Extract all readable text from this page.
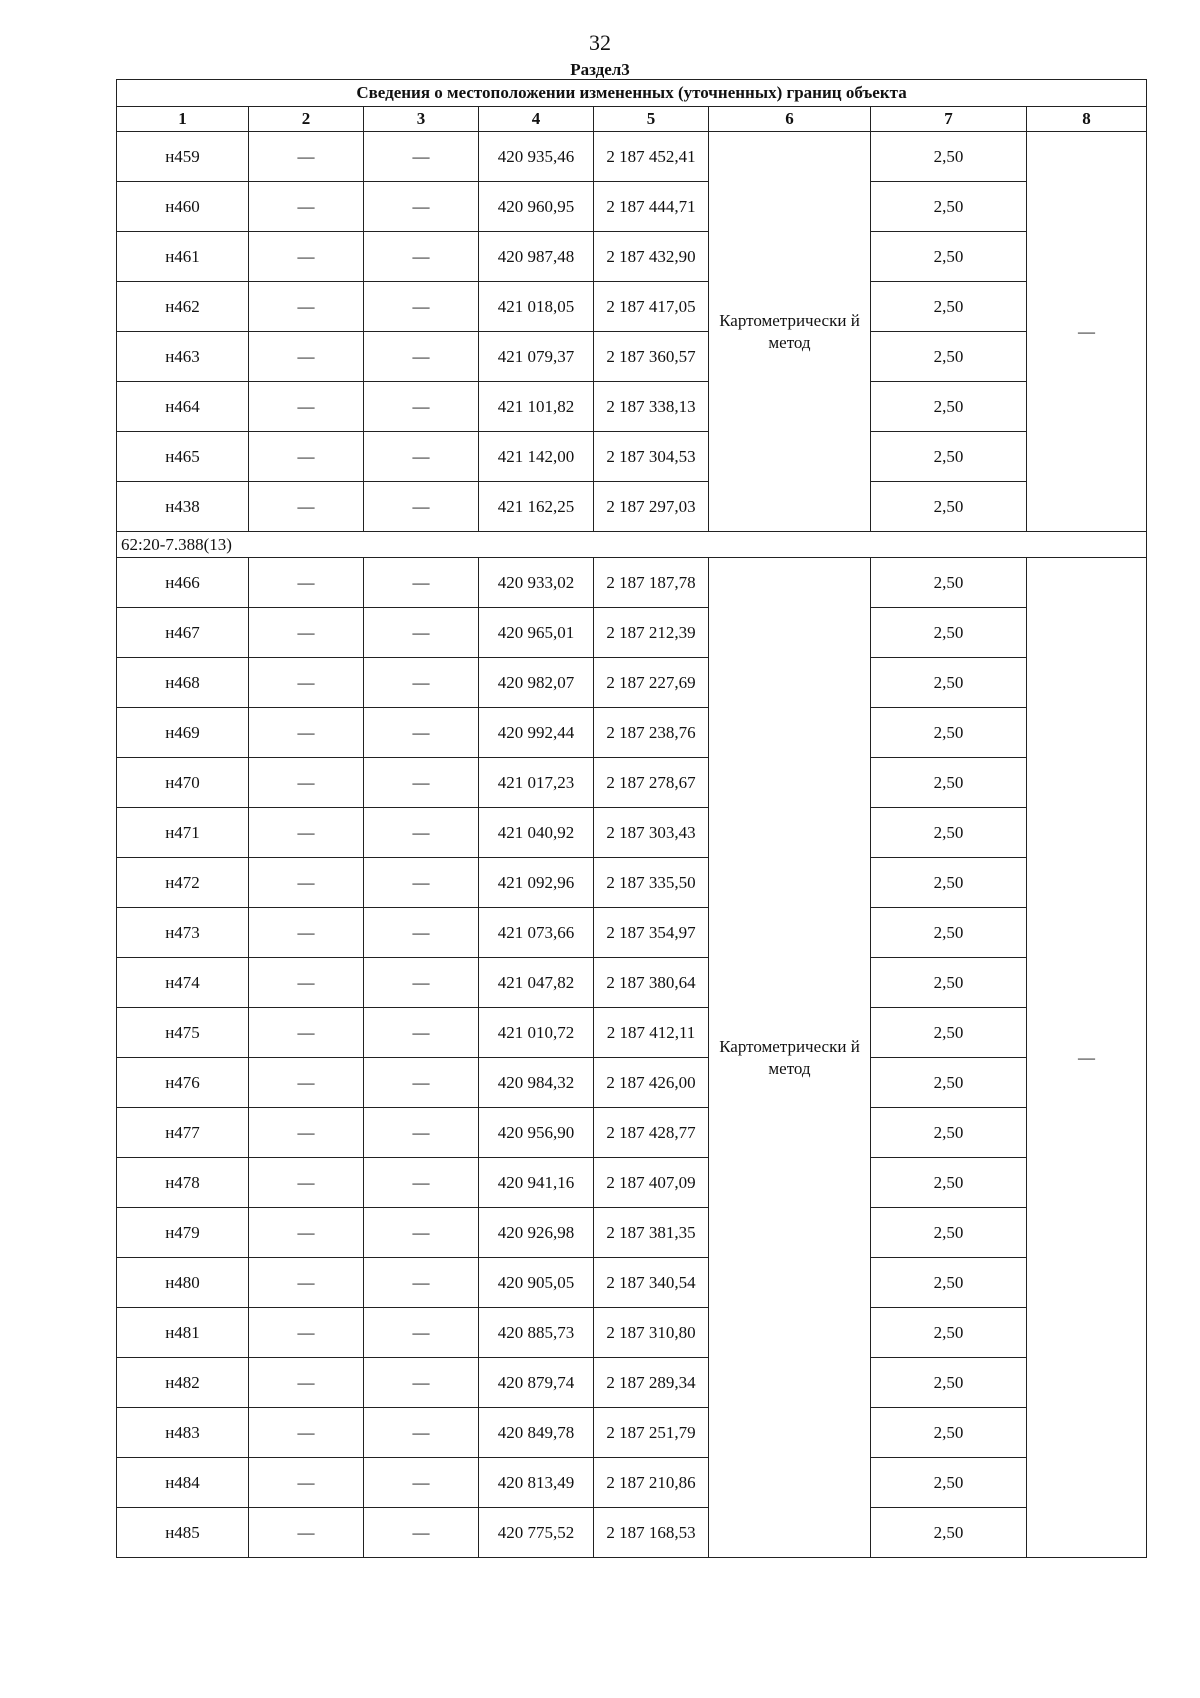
32
Раздел3
Сведения о местоположении измененных (уточненных) границ объекта							
1	2	3	4	5	6	7	8
н459	—	—	420 935,46	2 187 452,41	Картометрически й метод	2,50	—
н460	—	—	420 960,95	2 187 444,71		2,50	
н461	—	—	420 987,48	2 187 432,90		2,50	
н462	—	—	421 018,05	2 187 417,05		2,50	
н463	—	—	421 079,37	2 187 360,57		2,50	
н464	—	—	421 101,82	2 187 338,13		2,50	
н465	—	—	421 142,00	2 187 304,53		2,50	
н438	—	—	421 162,25	2 187 297,03		2,50	
62:20-7.388(13)							
н466	—	—	420 933,02	2 187 187,78	Картометрически й метод	2,50	—
н467	—	—	420 965,01	2 187 212,39		2,50	
н468	—	—	420 982,07	2 187 227,69		2,50	
н469	—	—	420 992,44	2 187 238,76		2,50	
н470	—	—	421 017,23	2 187 278,67		2,50	
н471	—	—	421 040,92	2 187 303,43		2,50	
н472	—	—	421 092,96	2 187 335,50		2,50	
н473	—	—	421 073,66	2 187 354,97		2,50	
н474	—	—	421 047,82	2 187 380,64		2,50	
н475	—	—	421 010,72	2 187 412,11		2,50	
н476	—	—	420 984,32	2 187 426,00		2,50	
н477	—	—	420 956,90	2 187 428,77		2,50	
н478	—	—	420 941,16	2 187 407,09		2,50	
н479	—	—	420 926,98	2 187 381,35		2,50	
н480	—	—	420 905,05	2 187 340,54		2,50	
н481	—	—	420 885,73	2 187 310,80		2,50	
н482	—	—	420 879,74	2 187 289,34		2,50	
н483	—	—	420 849,78	2 187 251,79		2,50	
н484	—	—	420 813,49	2 187 210,86		2,50	
н485	—	—	420 775,52	2 187 168,53		2,50	
